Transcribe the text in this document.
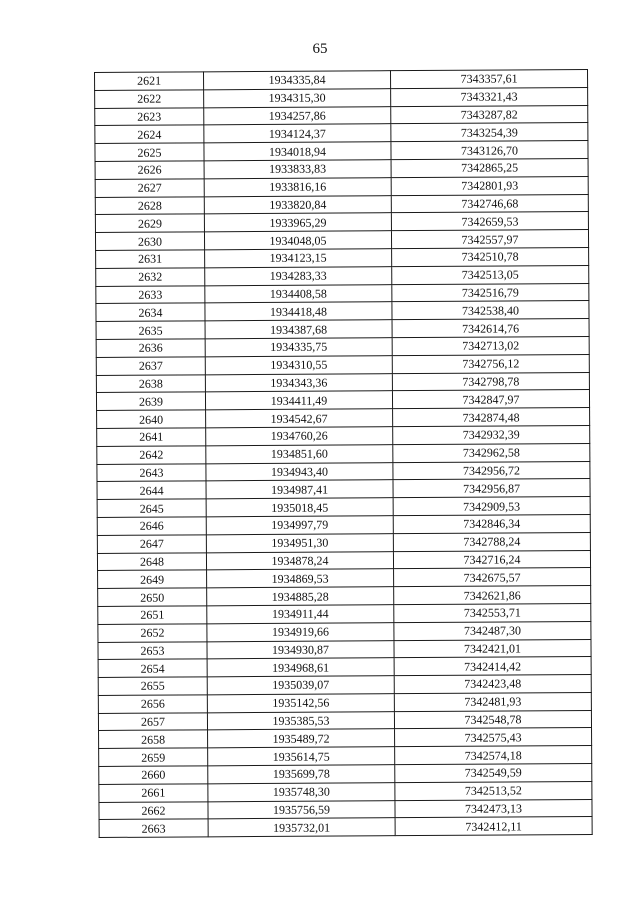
65
2621	1934335,84	7343357,61
2622	1934315,30	7343321,43
2623	1934257,86	7343287,82
2624	1934124,37	7343254,39
2625	1934018,94	7343126,70
2626	1933833,83	7342865,25
2627	1933816,16	7342801,93
2628	1933820,84	7342746,68
2629	1933965,29	7342659,53
2630	1934048,05	7342557,97
2631	1934123,15	7342510,78
2632	1934283,33	7342513,05
2633	1934408,58	7342516,79
2634	1934418,48	7342538,40
2635	1934387,68	7342614,76
2636	1934335,75	7342713,02
2637	1934310,55	7342756,12
2638	1934343,36	7342798,78
2639	1934411,49	7342847,97
2640	1934542,67	7342874,48
2641	1934760,26	7342932,39
2642	1934851,60	7342962,58
2643	1934943,40	7342956,72
2644	1934987,41	7342956,87
2645	1935018,45	7342909,53
2646	1934997,79	7342846,34
2647	1934951,30	7342788,24
2648	1934878,24	7342716,24
2649	1934869,53	7342675,57
2650	1934885,28	7342621,86
2651	1934911,44	7342553,71
2652	1934919,66	7342487,30
2653	1934930,87	7342421,01
2654	1934968,61	7342414,42
2655	1935039,07	7342423,48
2656	1935142,56	7342481,93
2657	1935385,53	7342548,78
2658	1935489,72	7342575,43
2659	1935614,75	7342574,18
2660	1935699,78	7342549,59
2661	1935748,30	7342513,52
2662	1935756,59	7342473,13
2663	1935732,01	7342412,11
